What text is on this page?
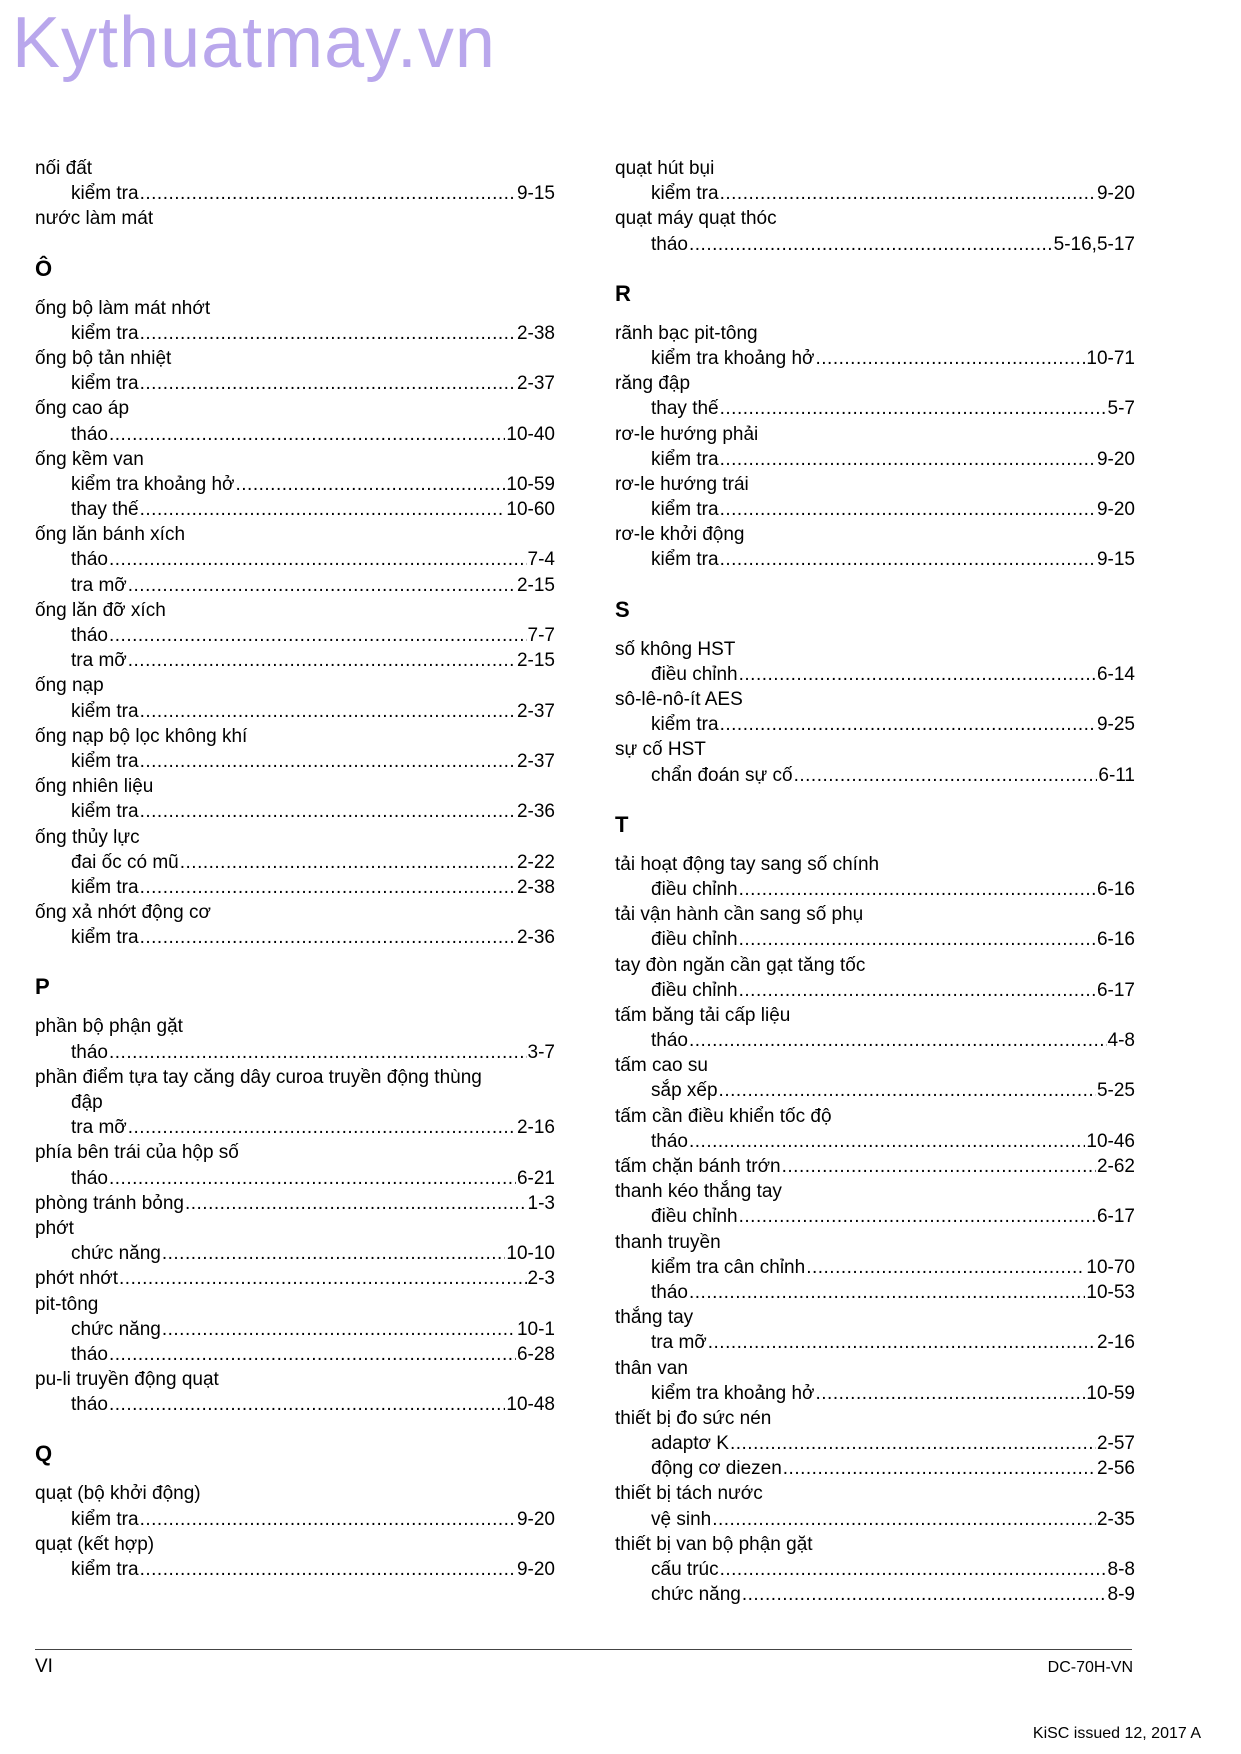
Kythuatmay.vn
nối đất
kiểm tra .....	9-15
nước làm mát
Ô
ống bộ làm mát nhớt
kiểm tra .....	2-38
ống bộ tản nhiệt
kiểm tra .....	2-37
ống cao áp
tháo .....	10-40
ống kềm van
kiểm tra khoảng hở .....	10-59
thay thế .....	10-60
ống lăn bánh xích
tháo .....	7-4
tra mỡ .....	2-15
ống lăn đỡ xích
tháo .....	7-7
tra mỡ .....	2-15
ống nạp
kiểm tra .....	2-37
ống nạp bộ lọc không khí
kiểm tra .....	2-37
ống nhiên liệu
kiểm tra .....	2-36
ống thủy lực
đai ốc có mũ .....	2-22
kiểm tra .....	2-38
ống xả nhớt động cơ
kiểm tra .....	2-36
P
phần bộ phận gặt
tháo .....	3-7
phần điểm tựa tay căng dây curoa truyền động thùng
đập
tra mỡ .....	2-16
phía bên trái của hộp số
tháo .....	6-21
phòng tránh bỏng .....	1-3
phớt
chức năng .....	10-10
phớt nhớt .....	2-3
pit-tông
chức năng .....	10-1
tháo .....	6-28
pu-li truyền động quạt
tháo .....	10-48
Q
quạt (bộ khởi động)
kiểm tra .....	9-20
quạt (kết hợp)
kiểm tra .....	9-20
quạt hút bụi
kiểm tra .....	9-20
quạt máy quạt thóc
tháo .....	5-16,5-17
R
rãnh bạc pit-tông
kiểm tra khoảng hở .....	10-71
răng đập
thay thế .....	5-7
rơ-le hướng phải
kiểm tra .....	9-20
rơ-le hướng trái
kiểm tra .....	9-20
rơ-le khởi động
kiểm tra .....	9-15
S
số không HST
điều chỉnh .....	6-14
sô-lê-nô-ít AES
kiểm tra .....	9-25
sự cố HST
chẩn đoán sự cố .....	6-11
T
tải hoạt động tay sang số chính
điều chỉnh .....	6-16
tải vận hành cần sang số phụ
điều chỉnh .....	6-16
tay đòn ngăn cần gạt tăng tốc
điều chỉnh .....	6-17
tấm băng tải cấp liệu
tháo .....	4-8
tấm cao su
sắp xếp .....	5-25
tấm cần điều khiển tốc độ
tháo .....	10-46
tấm chặn bánh trớn .....	2-62
thanh kéo thắng tay
điều chỉnh .....	6-17
thanh truyền
kiểm tra cân chỉnh .....	10-70
tháo .....	10-53
thắng tay
tra mỡ .....	2-16
thân van
kiểm tra khoảng hở .....	10-59
thiết bị đo sức nén
adaptơ K .....	2-57
động cơ diezen .....	2-56
thiết bị tách nước
vệ sinh .....	2-35
thiết bị van bộ phận gặt
cấu trúc .....	8-8
chức năng .....	8-9
VI	DC-70H-VN
KiSC issued 12, 2017 A
